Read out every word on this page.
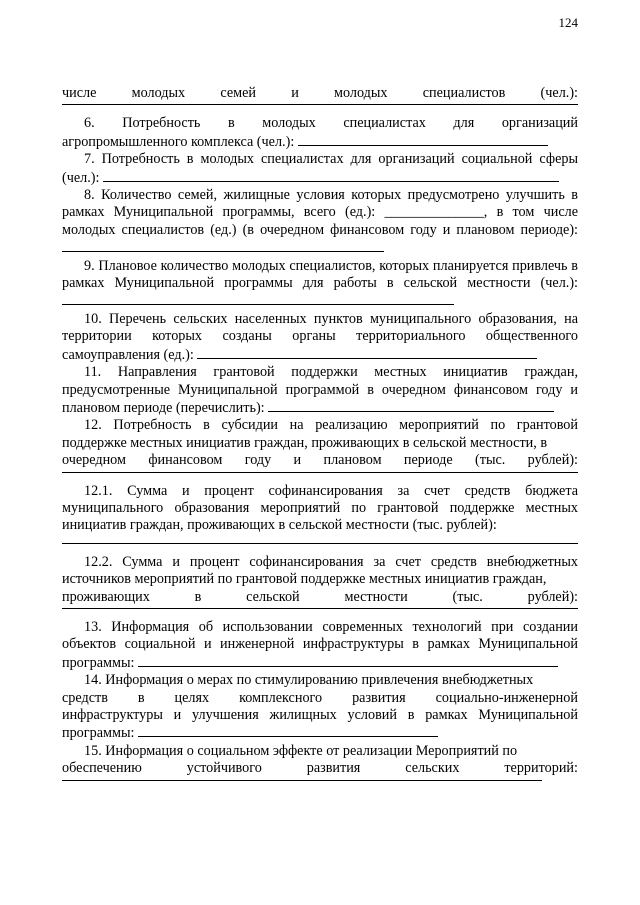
124
числе молодых семей и молодых специалистов (чел.):
6. Потребность в молодых специалистах для организаций

агропромышленного комплекса (чел.):

7. Потребность в молодых специалистах для организаций социальной сферы (чел.):

8. Количество семей, жилищные условия которых предусмотрено улучшить в рамках Муниципальной программы, всего (ед.): ______________, в том числе молодых специалистов (ед.) (в очередном финансовом году и плановом периоде):

9. Плановое количество молодых специалистов, которых планируется привлечь в рамках Муниципальной программы для работы в сельской местности (чел.):

10. Перечень сельских населенных пунктов муниципального образования, на территории которых созданы органы территориального общественного самоуправления (ед.):

11. Направления грантовой поддержки местных инициатив граждан, предусмотренные Муниципальной программой в очередном финансовом году и плановом периоде (перечислить):

12. Потребность в субсидии на реализацию мероприятий по грантовой поддержке местных инициатив граждан, проживающих в сельской местности, в

очередном финансовом году и плановом периоде (тыс. рублей):

12.1. Сумма и процент софинансирования за счет средств бюджета муниципального образования мероприятий по грантовой поддержке местных инициатив граждан, проживающих в сельской местности (тыс. рублей):

12.2. Сумма и процент софинансирования за счет средств внебюджетных источников мероприятий по грантовой поддержке местных инициатив граждан,

проживающих	в	сельской	местности	(тыс.	рублей):

13. Информация об использовании современных технологий при создании объектов социальной и инженерной инфраструктуры в рамках Муниципальной программы:

14. Информация о мерах по стимулированию привлечения внебюджетных

средств в целях комплексного развития социально-инженерной

инфраструктуры и улучшения жилищных условий в рамках Муниципальной программы:

15. Информация о социальном эффекте от реализации Мероприятий по

обеспечению	устойчивого	развития	сельских	территорий:
